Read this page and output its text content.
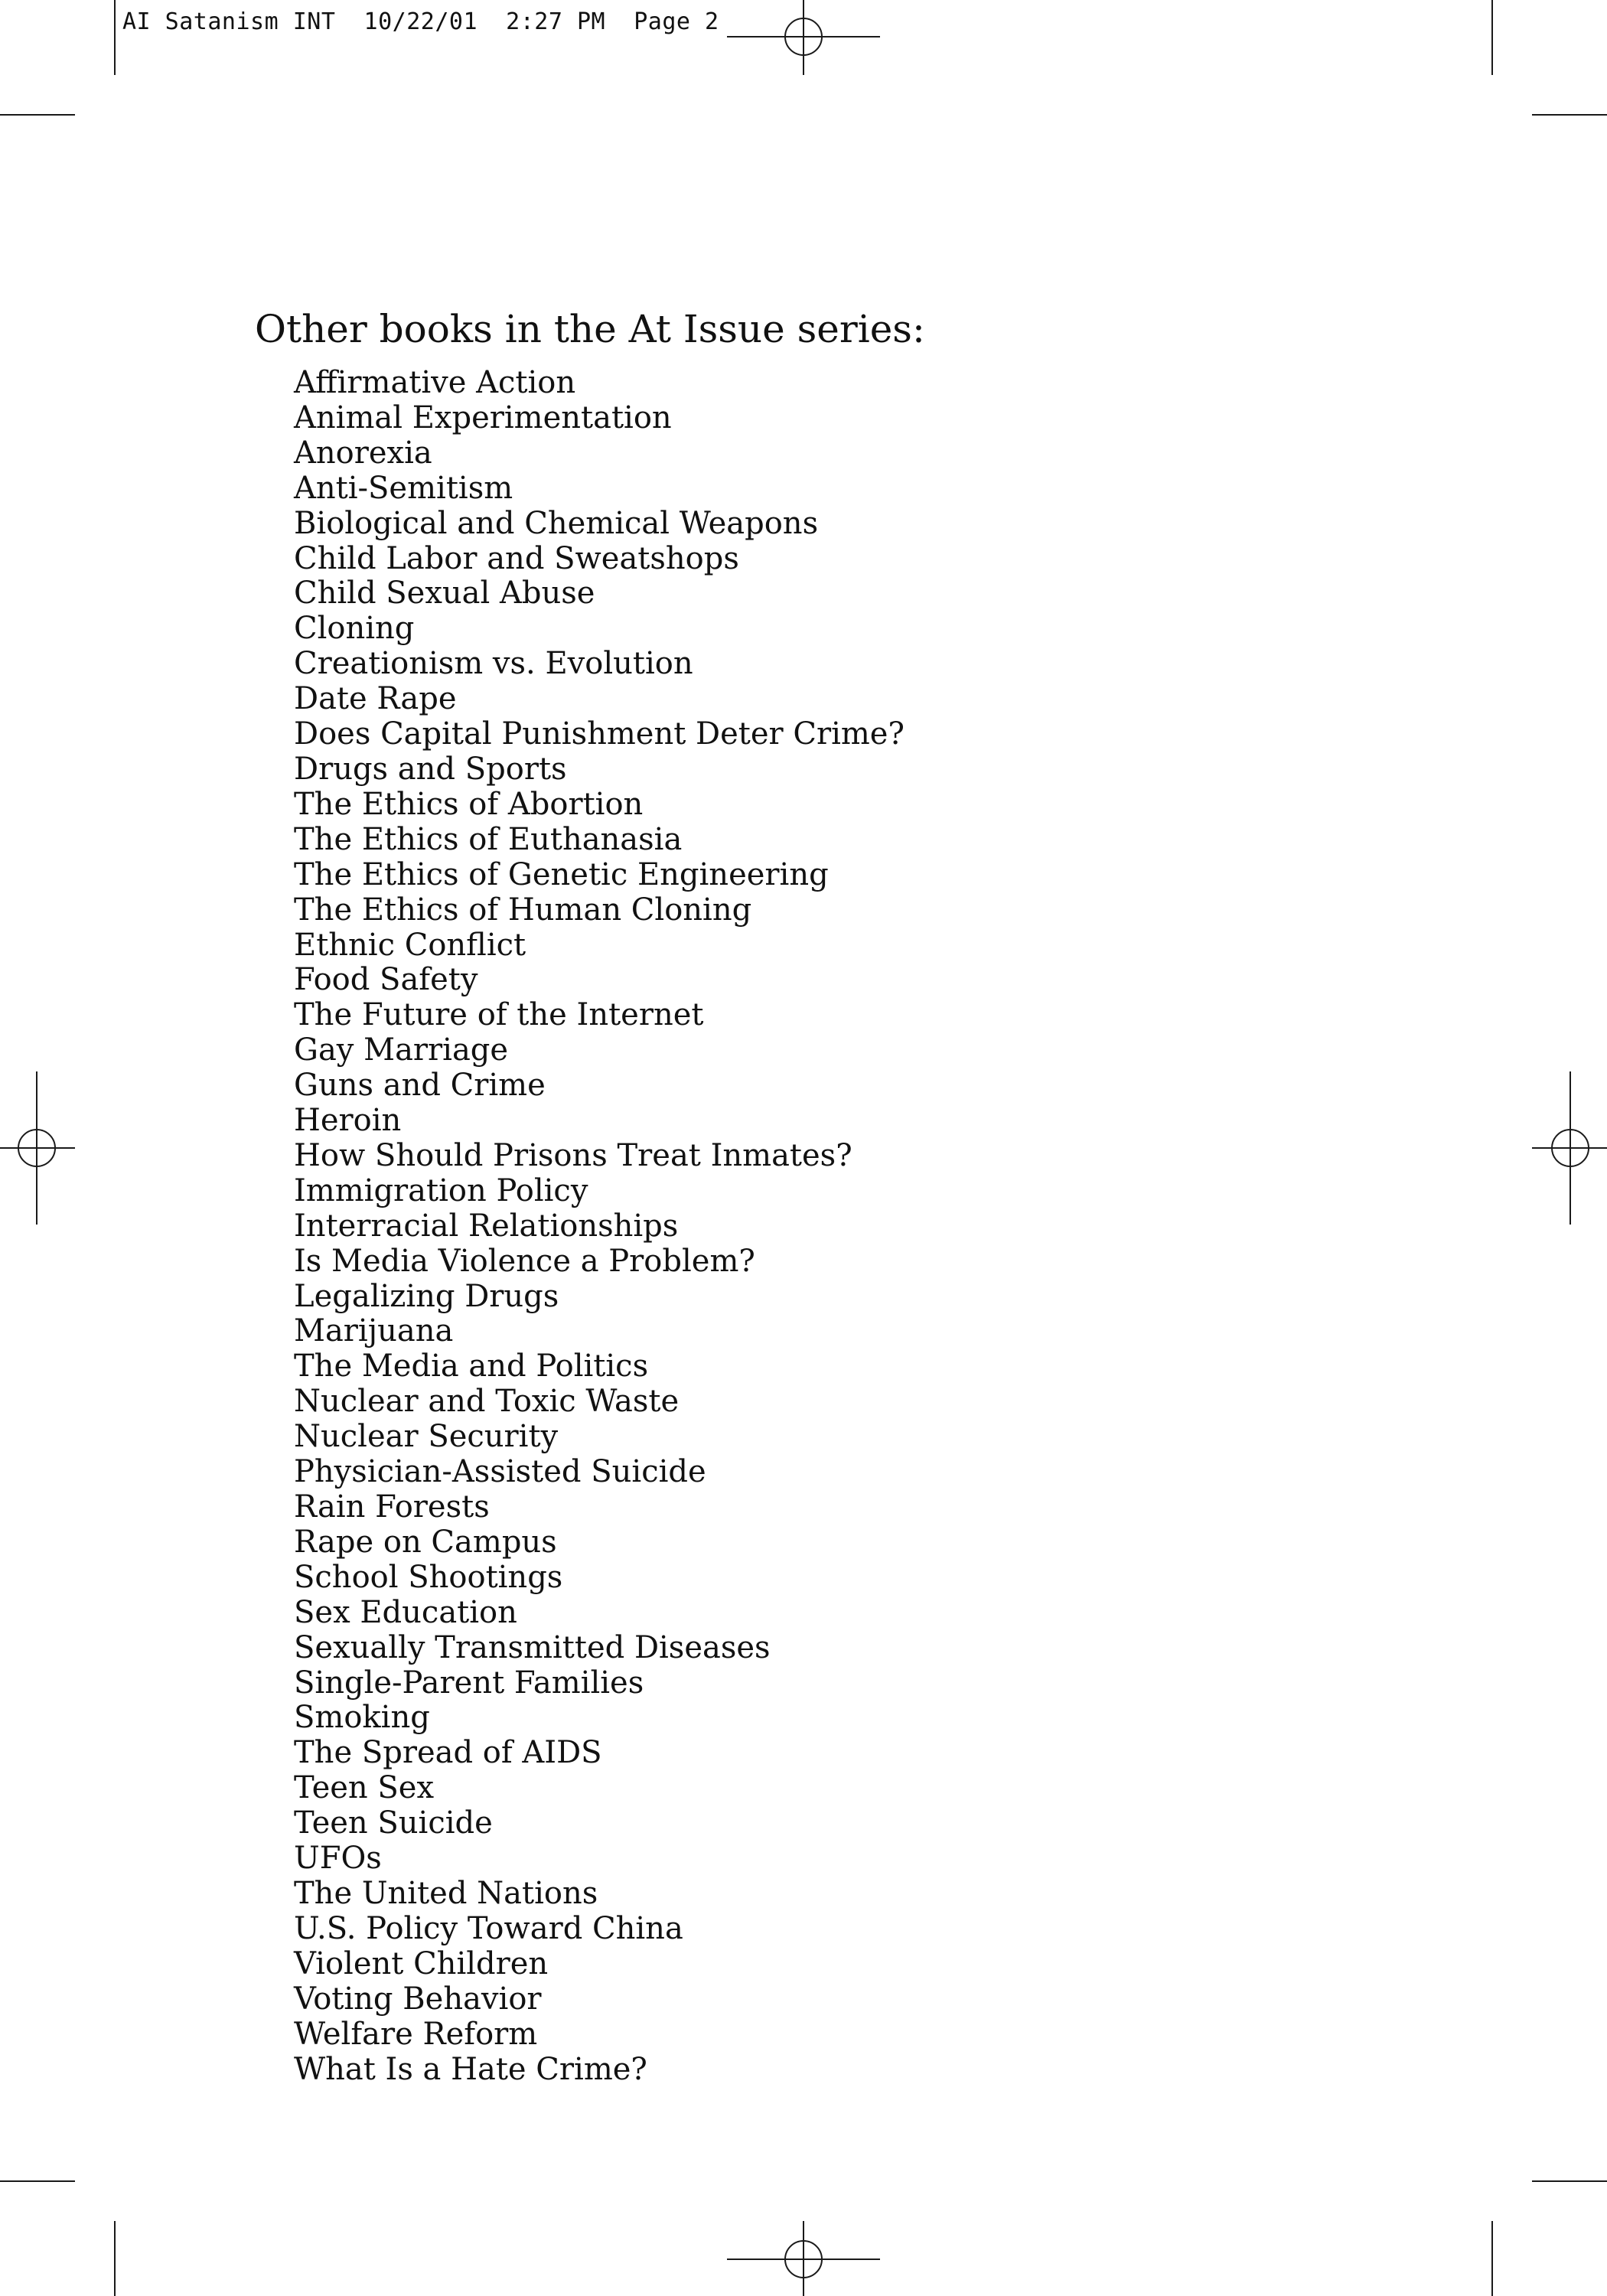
AI Satanism INT  10/22/01  2:27 PM  Page 2
Other books in the At Issue series:
Affirmative Action
Animal Experimentation
Anorexia
Anti-Semitism
Biological and Chemical Weapons
Child Labor and Sweatshops
Child Sexual Abuse
Cloning
Creationism vs. Evolution
Date Rape
Does Capital Punishment Deter Crime?
Drugs and Sports
The Ethics of Abortion
The Ethics of Euthanasia
The Ethics of Genetic Engineering
The Ethics of Human Cloning
Ethnic Conflict
Food Safety
The Future of the Internet
Gay Marriage
Guns and Crime
Heroin
How Should Prisons Treat Inmates?
Immigration Policy
Interracial Relationships
Is Media Violence a Problem?
Legalizing Drugs
Marijuana
The Media and Politics
Nuclear and Toxic Waste
Nuclear Security
Physician-Assisted Suicide
Rain Forests
Rape on Campus
School Shootings
Sex Education
Sexually Transmitted Diseases
Single-Parent Families
Smoking
The Spread of AIDS
Teen Sex
Teen Suicide
UFOs
The United Nations
U.S. Policy Toward China
Violent Children
Voting Behavior
Welfare Reform
What Is a Hate Crime?
